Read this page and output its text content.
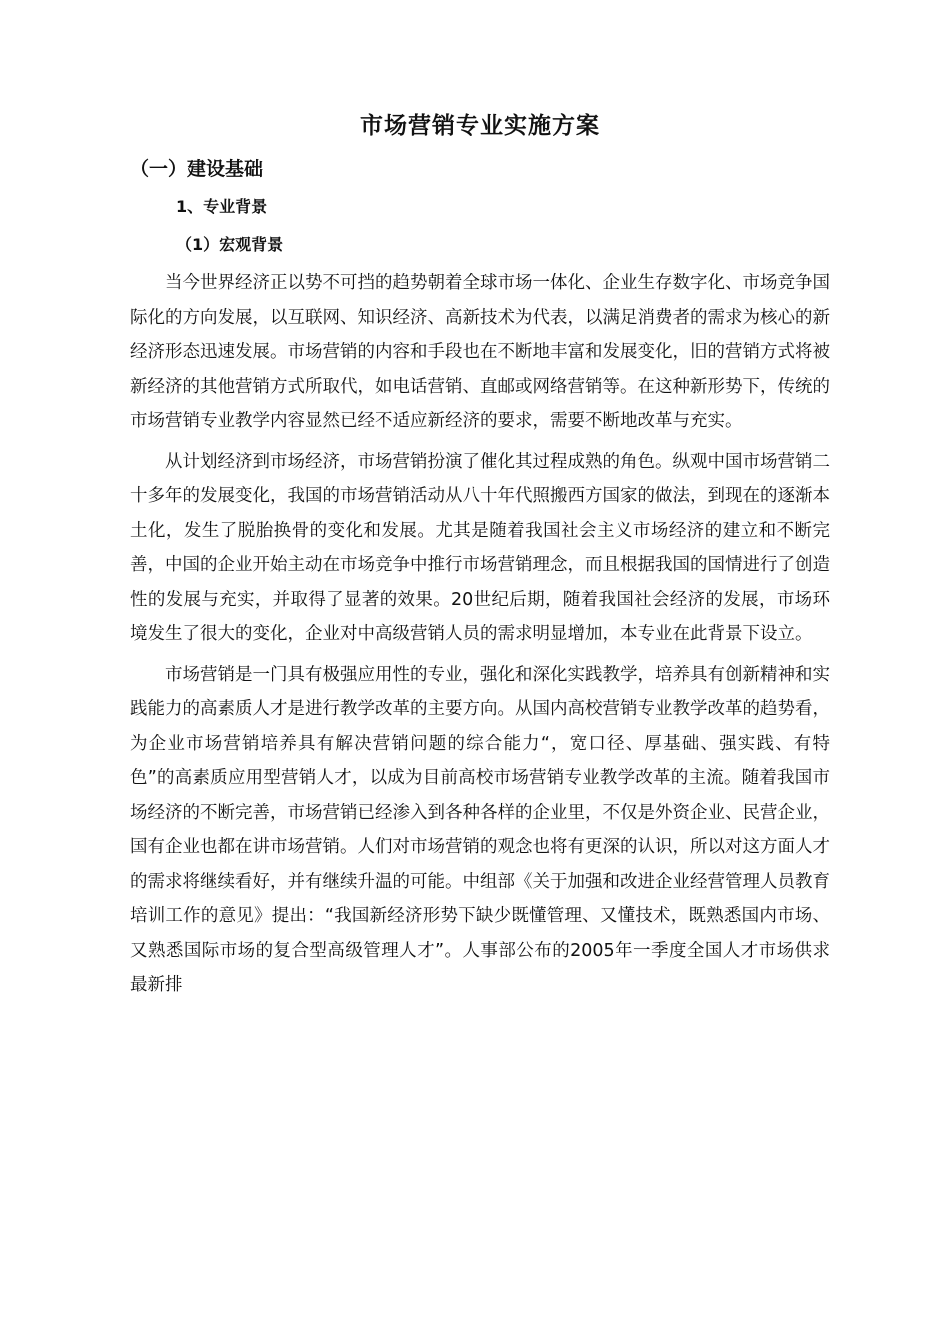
市场营销专业实施方案
（一）建设基础
1、专业背景
（1）宏观背景

当今世界经济正以势不可挡的趋势朝着全球市场一体化、企业生存数字化、市场竞争国际化的方向发展，以互联网、知识经济、高新技术为代表，以满足消费者的需求为核心的新经济形态迅速发展。市场营销的内容和手段也在不断地丰富和发展变化，旧的营销方式将被新经济的其他营销方式所取代，如电话营销、直邮或网络营销等。在这种新形势下，传统的市场营销专业教学内容显然已经不适应新经济的要求，需要不断地改革与充实。

从计划经济到市场经济，市场营销扮演了催化其过程成熟的角色。纵观中国市场营销二十多年的发展变化，我国的市场营销活动从八十年代照搬西方国家的做法，到现在的逐渐本土化，发生了脱胎换骨的变化和发展。尤其是随着我国社会主义市场经济的建立和不断完善，中国的企业开始主动在市场竞争中推行市场营销理念，而且根据我国的国情进行了创造性的发展与充实，并取得了显著的效果。20世纪后期，随着我国社会经济的发展，市场环境发生了很大的变化，企业对中高级营销人员的需求明显增加，本专业在此背景下设立。

市场营销是一门具有极强应用性的专业，强化和深化实践教学，培养具有创新精神和实践能力的高素质人才是进行教学改革的主要方向。从国内高校营销专业教学改革的趋势看，为企业市场营销培养具有解决营销问题的综合能力“，宽口径、厚基础、强实践、有特色”的高素质应用型营销人才，以成为目前高校市场营销专业教学改革的主流。随着我国市场经济的不断完善，市场营销已经渗入到各种各样的企业里，不仅是外资企业、民营企业，国有企业也都在讲市场营销。人们对市场营销的观念也将有更深的认识，所以对这方面人才的需求将继续看好，并有继续升温的可能。中组部《关于加强和改进企业经营管理人员教育培训工作的意见》提出：“我国新经济形势下缺少既懂管理、又懂技术，既熟悉国内市场、又熟悉国际市场的复合型高级管理人才”。人事部公布的2005年一季度全国人才市场供求最新排
